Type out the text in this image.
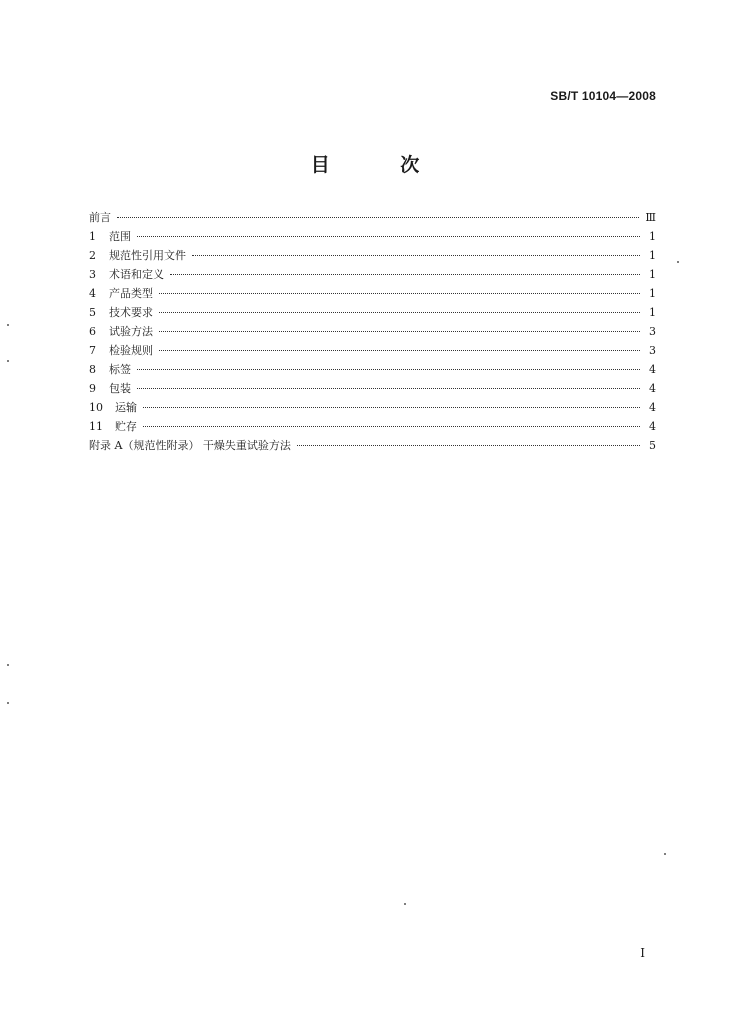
SB/T 10104—2008
目 次
前言	Ⅲ
1	范围	1
2	规范性引用文件	1
3	术语和定义	1
4	产品类型	1
5	技术要求	1
6	试验方法	3
7	检验规则	3
8	标签	4
9	包装	4
10	运输	4
11	贮存	4
附录 A（规范性附录） 干燥失重试验方法	5
I
